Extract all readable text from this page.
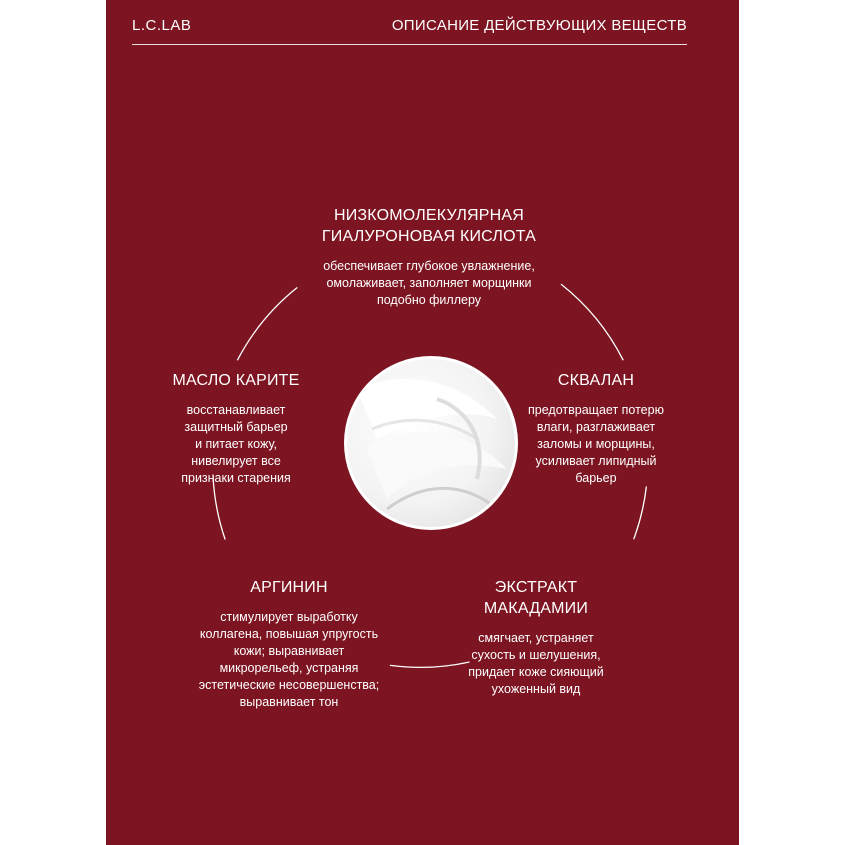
L.C.LAB	ОПИСАНИЕ ДЕЙСТВУЮЩИХ ВЕЩЕСТВ
НИЗКОМОЛЕКУЛЯРНАЯ
ГИАЛУРОНОВАЯ КИСЛОТА
обеспечивает глубокое увлажнение,
омолаживает, заполняет морщинки
подобно филлеру
СКВАЛАН
предотвращает потерю
влаги, разглаживает
заломы и морщины,
усиливает липидный
барьер
ЭКСТРАКТ МАКАДАМИИ
смягчает, устраняет
сухость и шелушения,
придает коже сияющий
ухоженный вид
АРГИНИН
стимулирует выработку
коллагена, повышая упругость
кожи; выравнивает
микрорельеф, устраняя
эстетические несовершенства;
выравнивает тон
МАСЛО КАРИТЕ
восстанавливает
защитный барьер
и питает кожу,
нивелирует все
признаки старения
